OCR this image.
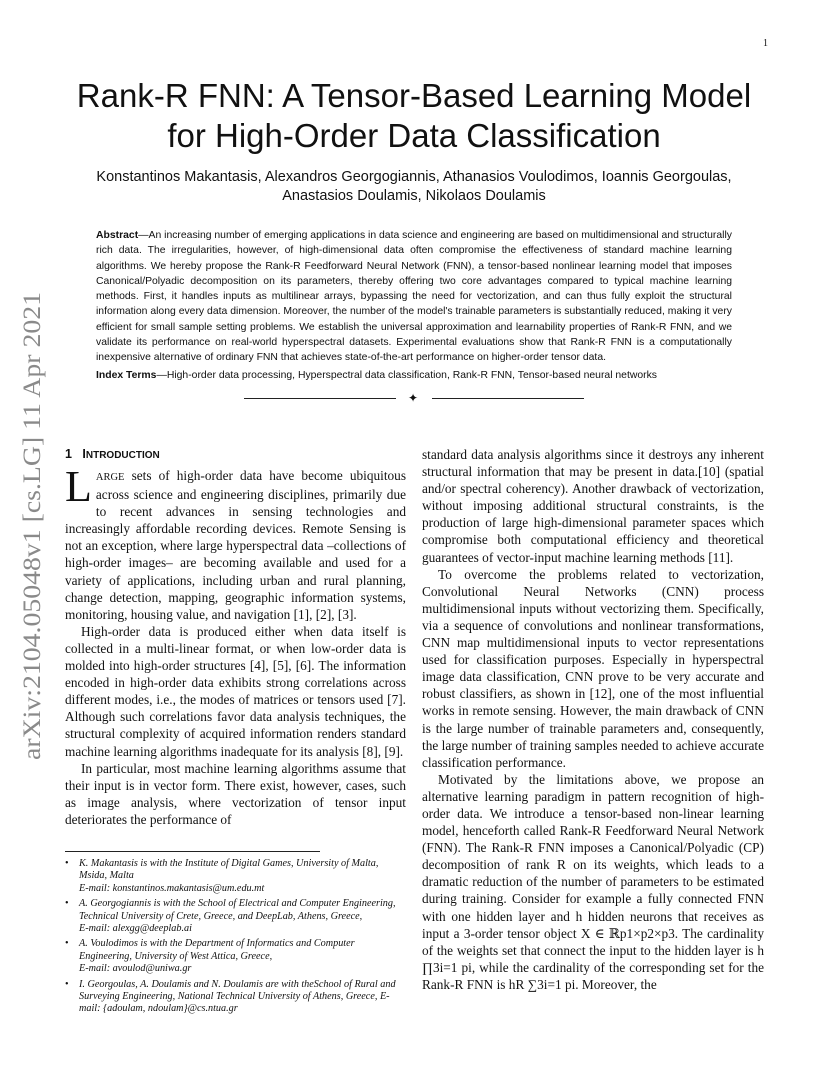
1
arXiv:2104.05048v1 [cs.LG] 11 Apr 2021
Rank-R FNN: A Tensor-Based Learning Model
for High-Order Data Classification
Konstantinos Makantasis, Alexandros Georgogiannis, Athanasios Voulodimos, Ioannis Georgoulas,
Anastasios Doulamis, Nikolaos Doulamis

Abstract—An increasing number of emerging applications in data science and engineering are based on multidimensional and structurally rich data. The irregularities, however, of high-dimensional data often compromise the effectiveness of standard machine learning algorithms. We hereby propose the Rank-R Feedforward Neural Network (FNN), a tensor-based nonlinear learning model that imposes Canonical/Polyadic decomposition on its parameters, thereby offering two core advantages compared to typical machine learning methods. First, it handles inputs as multilinear arrays, bypassing the need for vectorization, and can thus fully exploit the structural information along every data dimension. Moreover, the number of the model's trainable parameters is substantially reduced, making it very efficient for small sample setting problems. We establish the universal approximation and learnability properties of Rank-R FNN, and we validate its performance on real-world hyperspectral datasets. Experimental evaluations show that Rank-R FNN is a computationally inexpensive alternative of ordinary FNN that achieves state-of-the-art performance on higher-order tensor data.

Index Terms—High-order data processing, Hyperspectral data classification, Rank-R FNN, Tensor-based neural networks

✦
1 INTRODUCTION

LARGE sets of high-order data have become ubiquitous across science and engineering disciplines, primarily due to recent advances in sensing technologies and increasingly affordable recording devices. Remote Sensing is not an exception, where large hyperspectral data –collections of high-order images– are becoming available and used for a variety of applications, including urban and rural planning, change detection, mapping, geographic information systems, monitoring, housing value, and navigation [1], [2], [3].

High-order data is produced either when data itself is collected in a multi-linear format, or when low-order data is molded into high-order structures [4], [5], [6]. The information encoded in high-order data exhibits strong correlations across different modes, i.e., the modes of matrices or tensors used [7]. Although such correlations favor data analysis techniques, the structural complexity of acquired information renders standard machine learning algorithms inadequate for its analysis [8], [9].

In particular, most machine learning algorithms assume that their input is in vector form. There exist, however, cases, such as image analysis, where vectorization of tensor input deteriorates the performance of

standard data analysis algorithms since it destroys any inherent structural information that may be present in data.[10] (spatial and/or spectral coherency). Another drawback of vectorization, without imposing additional structural constraints, is the production of large high-dimensional parameter spaces which compromise both computational efficiency and theoretical guarantees of vector-input machine learning methods [11].

To overcome the problems related to vectorization, Convolutional Neural Networks (CNN) process multidimensional inputs without vectorizing them. Specifically, via a sequence of convolutions and nonlinear transformations, CNN map multidimensional inputs to vector representations used for classification purposes. Especially in hyperspectral image data classification, CNN prove to be very accurate and robust classifiers, as shown in [12], one of the most influential works in remote sensing. However, the main drawback of CNN is the large number of trainable parameters and, consequently, the large number of training samples needed to achieve accurate classification performance.

Motivated by the limitations above, we propose an alternative learning paradigm in pattern recognition of high-order data. We introduce a tensor-based non-linear learning model, henceforth called Rank-R Feedforward Neural Network (FNN). The Rank-R FNN imposes a Canonical/Polyadic (CP) decomposition of rank R on its weights, which leads to a dramatic reduction of the number of parameters to be estimated during training. Consider for example a fully connected FNN with one hidden layer and h hidden neurons that receives as input a 3-order tensor object X ∈ ℝp1×p2×p3. The cardinality of the weights set that connect the input to the hidden layer is h ∏3i=1 pi, while the cardinality of the corresponding set for the Rank-R FNN is hR ∑3i=1 pi. Moreover, the

• K. Makantasis is with the Institute of Digital Games, University of Malta, Msida, Malta
E-mail: konstantinos.makantasis@um.edu.mt
• A. Georgogiannis is with the School of Electrical and Computer Engineering, Technical University of Crete, Greece, and DeepLab, Athens, Greece,
E-mail: alexgg@deeplab.ai
• A. Voulodimos is with the Department of Informatics and Computer Engineering, University of West Attica, Greece,
E-mail: avoulod@uniwa.gr
• I. Georgoulas, A. Doulamis and N. Doulamis are with theSchool of Rural and Surveying Engineering, National Technical University of Athens, Greece, E-mail: {adoulam, ndoulam}@cs.ntua.gr
